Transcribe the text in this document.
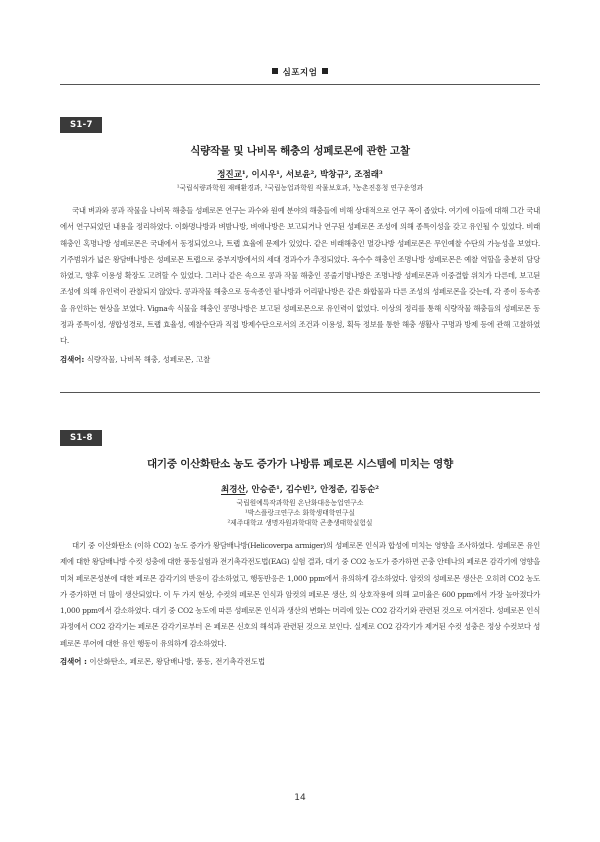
심포지엄
S1-7
식량작물 및 나비목 해충의 성페로몬에 관한 고찰
정진교¹, 이시우¹, 서보윤², 박창규², 조점래³
¹국립식량과학원 재배환경과, ²국립농업과학원 작물보호과, ³농촌진흥청 연구운영과
국내 벼과와 콩과 작물을 나비목 해충들 성페로몬 연구는 과수와 원예 분야의 해충들에 비해 상대적으로 연구 폭이 좁았다. 여기에 이들에 대해 그간 국내에서 연구되었던 내용을 정리하였다. 이화명나방과 벼밤나방, 벼애나방은 보고되거나 연구된 성페로몬 조성에 의해 종특이성을 갖고 유인될 수 있었다. 비래해충인 혹명나방 성페로몬은 국내에서 동정되었으나, 트랩 효율에 문제가 있었다. 같은 비래해충인 멸강나방 성페로몬은 무인예찰 수단의 가능성을 보였다. 기주범위가 넓은 왕담배나방은 성페로몬 트랩으로 중부지방에서의 세대 경과수가 추정되었다. 옥수수 해충인 조명나방 성페로몬은 예찰 역할을 충분히 담당하였고, 향후 이용성 확장도 고려할 수 있었다. 그러나 같은 속으로 콩과 작물 해충인 콩줄기명나방은 조명나방 성페로몬과 이중결합 위치가 다른데, 보고된 조성에 의해 유인력이 관찰되지 않았다. 콩과작물 해충으로 동속종인 팥나방과 어리팥나방은 같은 화합물과 다른 조성의 성페로몬을 갖는데, 각 종이 동속종을 유인하는 현상을 보였다. Vigna속 식물을 해충인 콩명나방은 보고된 성페로몬으로 유인력이 없었다. 이상의 정리를 통해 식량작물 해충들의 성페로몬 동정과 종특이성, 생합성경로, 트랩 효율성, 예찰수단과 직접 방제수단으로서의 조건과 이용성, 획득 정보를 통한 해충 생활사 구명과 방제 등에 관해 고찰하였다.
검색어: 식량작물, 나비목 해충, 성페로몬, 고찰
S1-8
대기중 이산화탄소 농도 증가가 나방류 페로몬 시스템에 미치는 영향
최경산, 안승준¹, 김수빈², 안정준, 김동순²
국립원예특작과학원 온난화대응농업연구소
¹박스플랑크연구소 화학생태학연구실
²제주대학교 생명자원과학대학 곤충생태학실험실
대기 중 이산화탄소 (이하 CO2) 농도 증가가 왕담배나방(Helicoverpa armiger)의 성페로몬 인식과 합성에 미치는 영향을 조사하였다. 성페로몬 유인제에 대한 왕담배나방 수컷 성충에 대한 풍동실험과 전기촉각전도법(EAG) 실험 결과, 대기 중 CO2 농도가 증가하면 곤충 안테나의 페로몬 감각기에 영향을 미쳐 페로몬성분에 대한 페로몬 감각기의 반응이 감소하였고, 행동반응은 1,000 ppm에서 유의하게 감소하였다. 암컷의 성페로몬 생산은 오히려 CO2 농도가 증가하면 더 많이 생산되었다. 이 두 가지 현상, 수컷의 페로몬 인식과 암컷의 페로몬 생산, 의 상호작용에 의해 교미율은 600 ppm에서 가장 높아졌다가 1,000 ppm에서 감소하였다. 대기 중 CO2 농도에 따른 성페로몬 인식과 생산의 변화는 머리에 있는 CO2 감각기와 관련된 것으로 여겨진다. 성페로몬 인식과정에서 CO2 감각기는 페로몬 감각기로부터 온 페로몬 신호의 해석과 관련된 것으로 보인다. 실제로 CO2 감각기가 제거된 수컷 성충은 정상 수컷보다 성페로몬 루어에 대한 유인 행동이 유의하게 감소하였다.
검색어 : 이산화탄소, 페로몬, 왕담배나방, 풍동, 전기촉각전도법
14
